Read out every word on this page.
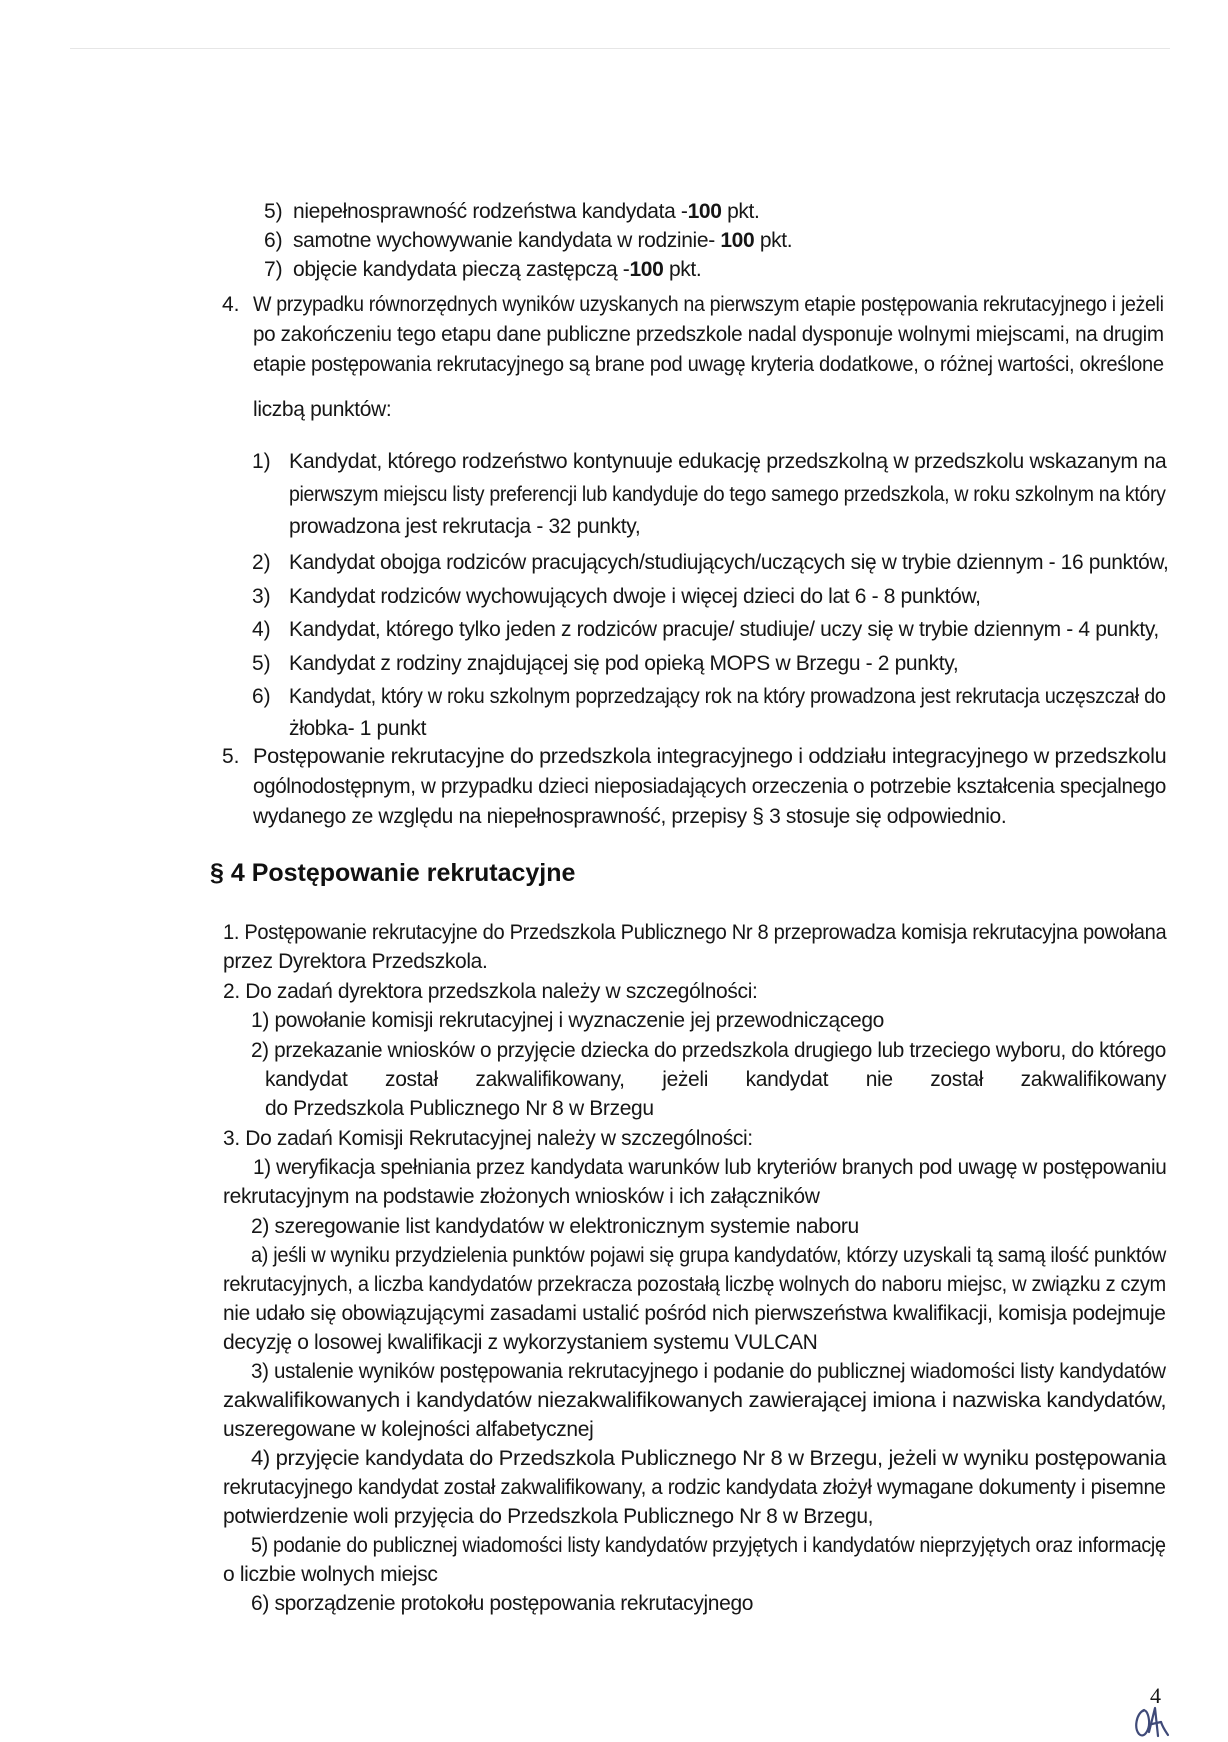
5) niepełnosprawność rodzeństwa kandydata -100 pkt.
6) samotne wychowywanie kandydata w rodzinie- 100 pkt.
7) objęcie kandydata pieczą zastępczą -100 pkt.
4. W przypadku równorzędnych wyników uzyskanych na pierwszym etapie postępowania rekrutacyjnego i jeżeli
po zakończeniu tego etapu dane publiczne przedszkole nadal dysponuje wolnymi miejscami, na drugim
etapie postępowania rekrutacyjnego są brane pod uwagę kryteria dodatkowe, o różnej wartości, określone
liczbą punktów:
1) Kandydat, którego rodzeństwo kontynuuje edukację przedszkolną w przedszkolu wskazanym na
pierwszym miejscu listy preferencji lub kandyduje do tego samego przedszkola, w roku szkolnym na który
prowadzona jest rekrutacja - 32 punkty,
2) Kandydat obojga rodziców pracujących/studiujących/uczących się w trybie dziennym - 16 punktów,
3) Kandydat rodziców wychowujących dwoje i więcej dzieci do lat 6 - 8 punktów,
4) Kandydat, którego tylko jeden z rodziców pracuje/ studiuje/ uczy się w trybie dziennym - 4 punkty,
5) Kandydat z rodziny znajdującej się pod opieką MOPS w Brzegu - 2 punkty,
6) Kandydat, który w roku szkolnym poprzedzający rok na który prowadzona jest rekrutacja uczęszczał do
żłobka- 1 punkt
5. Postępowanie rekrutacyjne do przedszkola integracyjnego i oddziału integracyjnego w przedszkolu
ogólnodostępnym, w przypadku dzieci nieposiadających orzeczenia o potrzebie kształcenia specjalnego
wydanego ze względu na niepełnosprawność, przepisy § 3 stosuje się odpowiednio.
§ 4 Postępowanie rekrutacyjne
1. Postępowanie rekrutacyjne do Przedszkola Publicznego Nr 8 przeprowadza komisja rekrutacyjna powołana
przez Dyrektora Przedszkola.
2. Do zadań dyrektora przedszkola należy w szczególności:
1) powołanie komisji rekrutacyjnej i wyznaczenie jej przewodniczącego
2) przekazanie wniosków o przyjęcie dziecka do przedszkola drugiego lub trzeciego wyboru, do którego
kandydat został zakwalifikowany, jeżeli kandydat nie został zakwalifikowany
do Przedszkola Publicznego Nr 8 w Brzegu
3. Do zadań Komisji Rekrutacyjnej należy w szczególności:
1) weryfikacja spełniania przez kandydata warunków lub kryteriów branych pod uwagę w postępowaniu
rekrutacyjnym na podstawie złożonych wniosków i ich załączników
2) szeregowanie list kandydatów w elektronicznym systemie naboru
a) jeśli w wyniku przydzielenia punktów pojawi się grupa kandydatów, którzy uzyskali tą samą ilość punktów
rekrutacyjnych, a liczba kandydatów przekracza pozostałą liczbę wolnych do naboru miejsc, w związku z czym
nie udało się obowiązującymi zasadami ustalić pośród nich pierwszeństwa kwalifikacji, komisja podejmuje
decyzję o losowej kwalifikacji z wykorzystaniem systemu VULCAN
3) ustalenie wyników postępowania rekrutacyjnego i podanie do publicznej wiadomości listy kandydatów
zakwalifikowanych i kandydatów niezakwalifikowanych zawierającej imiona i nazwiska kandydatów,
uszeregowane w kolejności alfabetycznej
4) przyjęcie kandydata do Przedszkola Publicznego Nr 8 w Brzegu, jeżeli w wyniku postępowania
rekrutacyjnego kandydat został zakwalifikowany, a rodzic kandydata złożył wymagane dokumenty i pisemne
potwierdzenie woli przyjęcia do Przedszkola Publicznego Nr 8 w Brzegu,
5) podanie do publicznej wiadomości listy kandydatów przyjętych i kandydatów nieprzyjętych oraz informację
o liczbie wolnych miejsc
6) sporządzenie protokołu postępowania rekrutacyjnego
4
